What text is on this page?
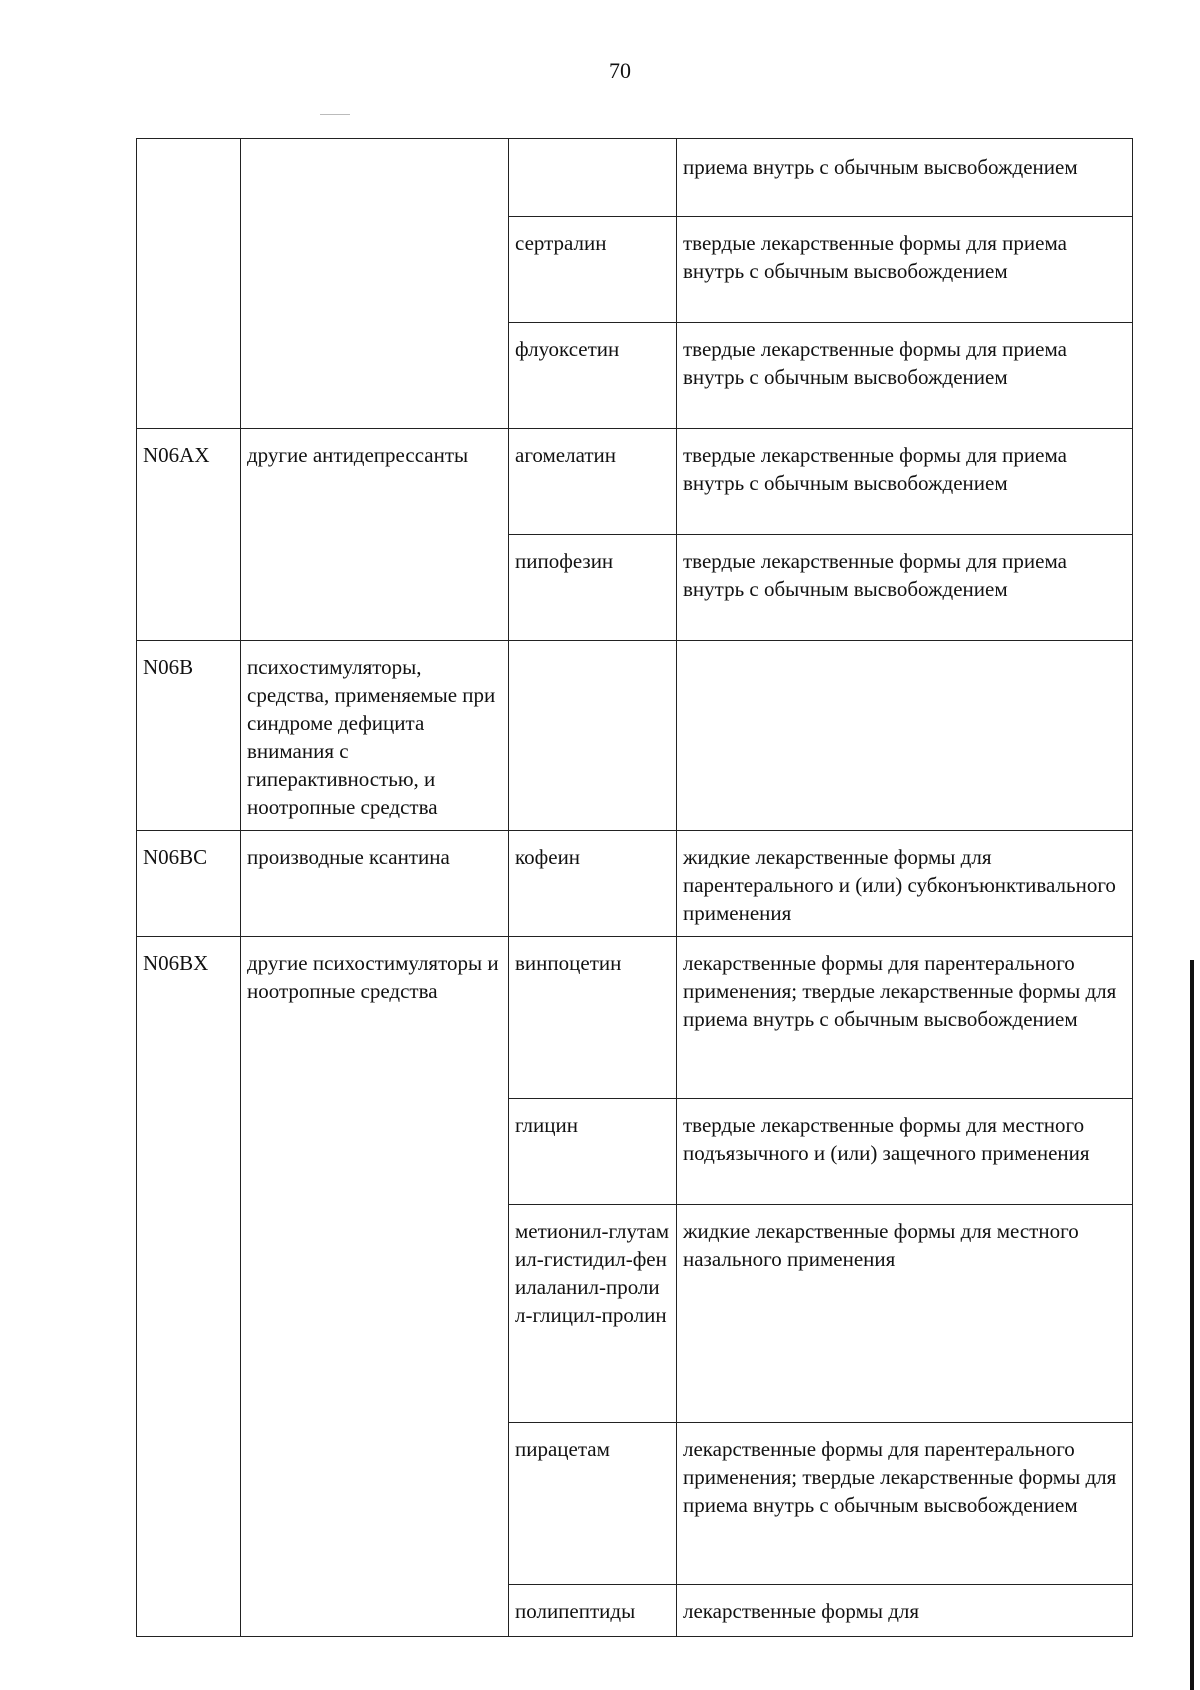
70
			приема внутрь с обычным высвобождением
		сертралин	твердые лекарственные формы для приема внутрь с обычным высвобождением
		флуоксетин	твердые лекарственные формы для приема внутрь с обычным высвобождением
N06AX	другие антидепрессанты	агомелатин	твердые лекарственные формы для приема внутрь с обычным высвобождением
		пипофезин	твердые лекарственные формы для приема внутрь с обычным высвобождением
N06B	психостимуляторы, средства, применяемые при синдроме дефицита внимания с гиперактивностью, и ноотропные средства		
N06BC	производные ксантина	кофеин	жидкие лекарственные формы для парентерального и (или) субконъюнктивального применения
N06BX	другие психостимуляторы и ноотропные средства	винпоцетин	лекарственные формы для парентерального применения; твердые лекарственные формы для приема внутрь с обычным высвобождением
		глицин	твердые лекарственные формы для местного подъязычного и (или) защечного применения
		метионил-глутамил-гистидил-фенилаланил-пролил-глицил-пролин	жидкие лекарственные формы для местного назального применения
		пирацетам	лекарственные формы для парентерального применения; твердые лекарственные формы для приема внутрь с обычным высвобождением
		полипептиды	лекарственные формы для
